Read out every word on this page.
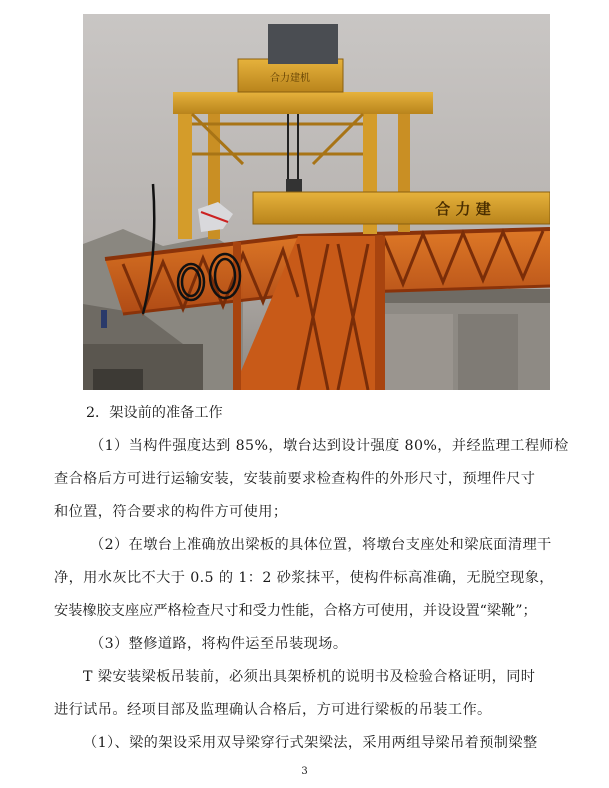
合力建机
合 力 建
2．架设前的准备工作
（1）当构件强度达到 85%，墩台达到设计强度 80%，并经监理工程师检
查合格后方可进行运输安装，安装前要求检查构件的外形尺寸，预埋件尺寸
和位置，符合要求的构件方可使用；
（2）在墩台上准确放出梁板的具体位置，将墩台支座处和梁底面清理干
净，用水灰比不大于 0.5 的 1：2 砂浆抹平，使构件标高准确，无脱空现象，
安装橡胶支座应严格检查尺寸和受力性能，合格方可使用，并设设置“梁靴”；
（3）整修道路，将构件运至吊装现场。
T 梁安装梁板吊装前，必须出具架桥机的说明书及检验合格证明，同时
进行试吊。经项目部及监理确认合格后，方可进行梁板的吊装工作。
（1）、梁的架设采用双导梁穿行式架梁法，采用两组导梁吊着预制梁整
3
